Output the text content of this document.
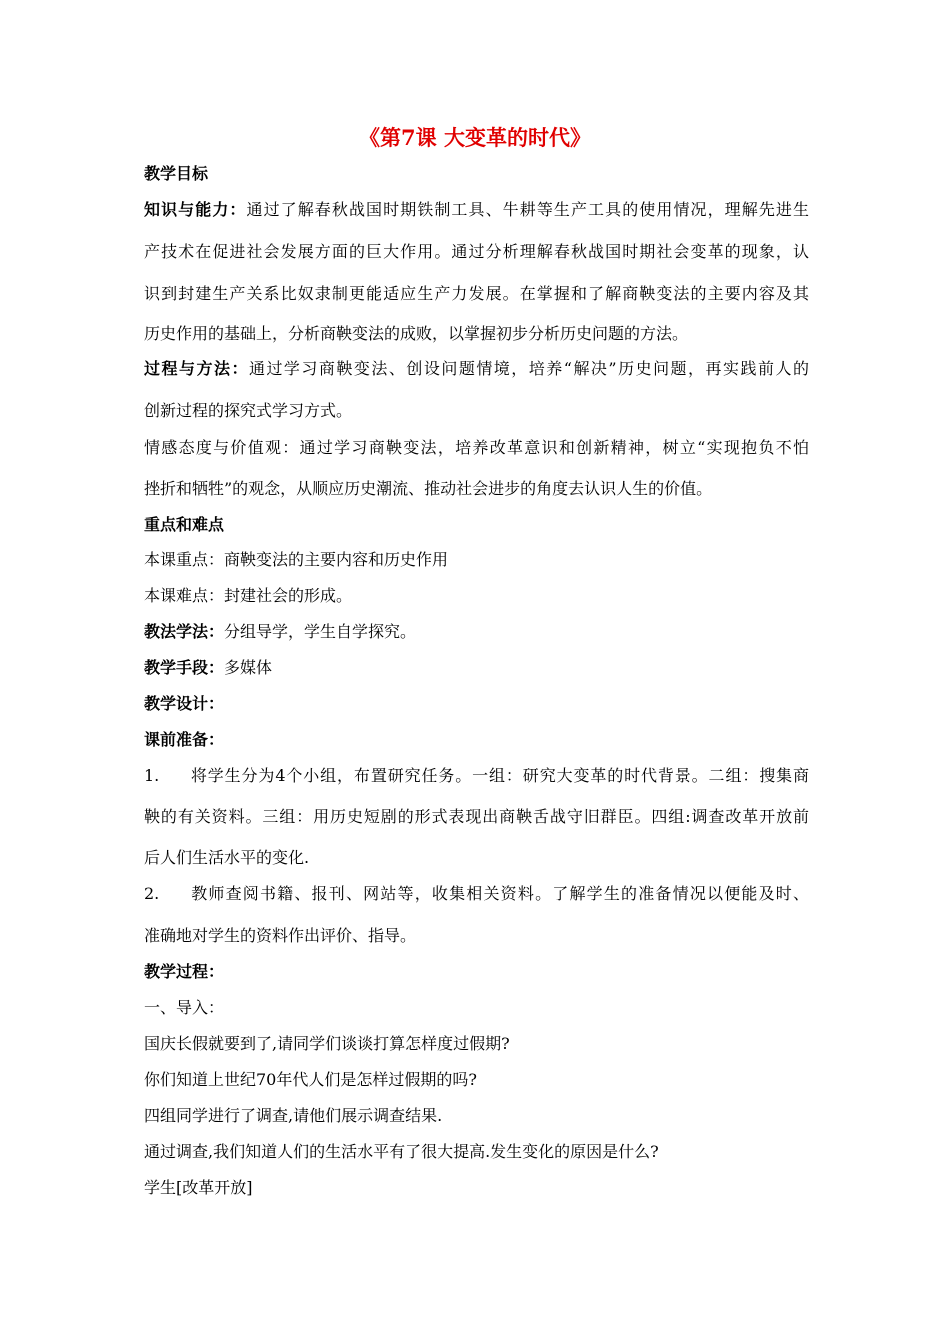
《第7课 大变革的时代》
教学目标
知识与能力：通过了解春秋战国时期铁制工具、牛耕等生产工具的使用情况，理解先进生
产技术在促进社会发展方面的巨大作用。通过分析理解春秋战国时期社会变革的现象，认
识到封建生产关系比奴隶制更能适应生产力发展。在掌握和了解商鞅变法的主要内容及其
历史作用的基础上，分析商鞅变法的成败，以掌握初步分析历史问题的方法。
过程与方法：通过学习商鞅变法、创设问题情境，培养“解决”历史问题，再实践前人的
创新过程的探究式学习方式。
情感态度与价值观：通过学习商鞅变法，培养改革意识和创新精神，树立“实现抱负不怕
挫折和牺牲”的观念，从顺应历史潮流、推动社会进步的角度去认识人生的价值。
重点和难点
本课重点：商鞅变法的主要内容和历史作用
本课难点：封建社会的形成。
教法学法：分组导学，学生自学探究。
教学手段：多媒体
教学设计：
课前准备：
1. 将学生分为4个小组，布置研究任务。一组：研究大变革的时代背景。二组：搜集商
鞅的有关资料。三组：用历史短剧的形式表现出商鞅舌战守旧群臣。四组:调查改革开放前
后人们生活水平的变化.
2. 教师查阅书籍、报刊、网站等，收集相关资料。了解学生的准备情况以便能及时、
准确地对学生的资料作出评价、指导。
教学过程：
一、导入：
国庆长假就要到了,请同学们谈谈打算怎样度过假期?
你们知道上世纪70年代人们是怎样过假期的吗?
四组同学进行了调查,请他们展示调查结果.
通过调查,我们知道人们的生活水平有了很大提高.发生变化的原因是什么?
学生[改革开放]
